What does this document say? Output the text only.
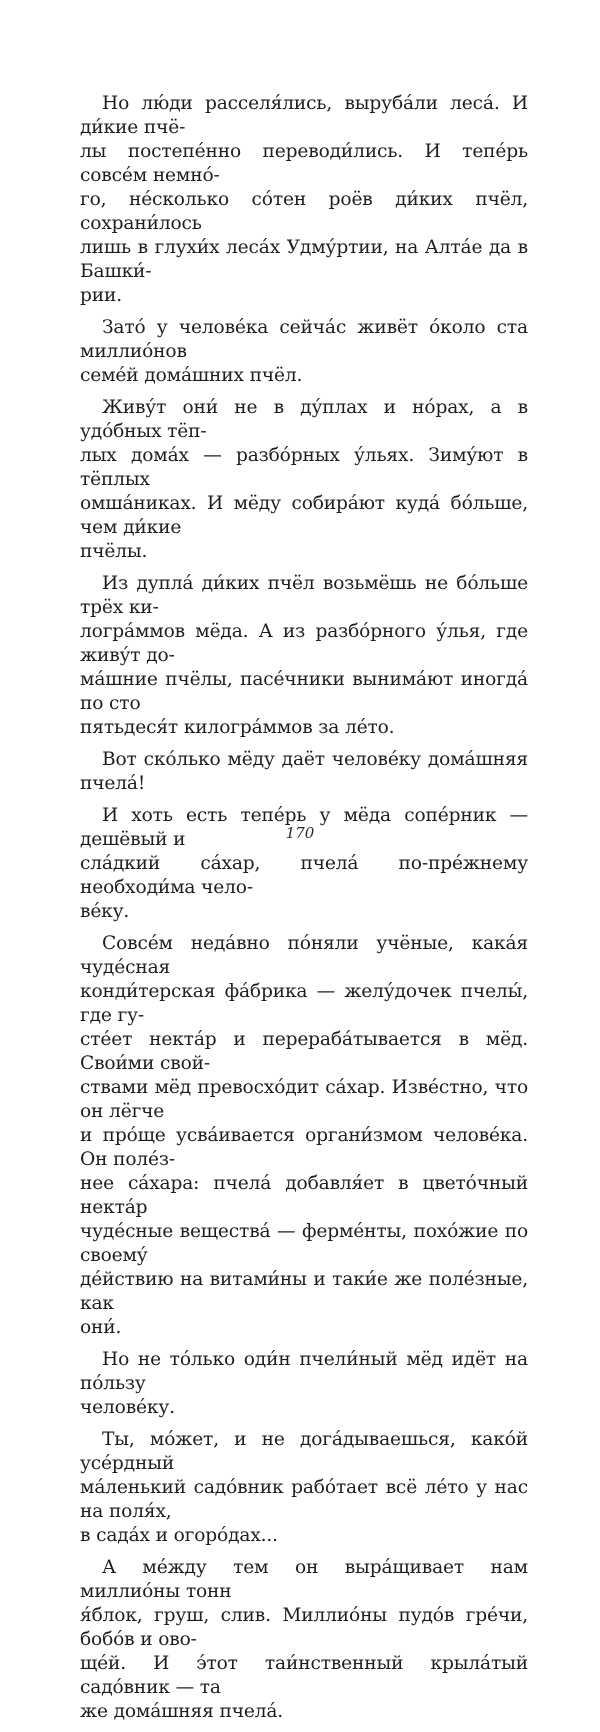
Но лю́ди расселя́лись, выруба́ли леса́. И ди́кие пчё-
лы постепе́нно переводи́лись. И тепе́рь совсе́м немно́-
го, не́сколько со́тен роёв ди́ких пчёл, сохрани́лось
лишь в глухи́х леса́х Удму́ртии, на Алта́е да в Башки́-
рии.

Зато́ у челове́ка сейча́с живёт о́коло ста миллио́нов
семе́й дома́шних пчёл.

Живу́т они́ не в ду́плах и но́рах, а в удо́бных тёп-
лых дома́х — разбо́рных у́льях. Зиму́ют в тёплых
омша́никах. И мёду собира́ют куда́ бо́льше, чем ди́кие
пчёлы.

Из дупла́ ди́ких пчёл возьмёшь не бо́льше трёх ки-
логра́ммов мёда. А из разбо́рного у́лья, где живу́т до-
ма́шние пчёлы, пасе́чники вынима́ют иногда́ по сто
пятьдеся́т килогра́ммов за ле́то.

Вот ско́лько мёду даёт челове́ку дома́шняя пчела́!

И хоть есть тепе́рь у мёда сопе́рник — дешёвый и
сла́дкий са́хар, пчела́ по-пре́жнему необходи́ма чело-
ве́ку.

Совсе́м неда́вно по́няли учёные, кака́я чуде́сная
конди́терская фа́брика — желу́дочек пчелы́, где гу-
сте́ет некта́р и перераба́тывается в мёд. Свои́ми свой-
ствами мёд превосхо́дит са́хар. Изве́стно, что он лёгче
и про́ще усва́ивается органи́змом челове́ка. Он поле́з-
нее са́хара: пчела́ добавля́ет в цвето́чный некта́р
чуде́сные вещества́ — ферме́нты, похо́жие по своему́
де́йствию на витами́ны и таки́е же поле́зные, как
они́.

Но не то́лько оди́н пчели́ный мёд идёт на по́льзу
челове́ку.

Ты, мо́жет, и не дога́дываешься, како́й усе́рдный
ма́ленький садо́вник рабо́тает всё ле́то у нас на поля́х,
в сада́х и огоро́дах...

А ме́жду тем он выра́щивает нам миллио́ны тонн
я́блок, груш, слив. Миллио́ны пудо́в гре́чи, бобо́в и ово-
ще́й. И э́тот таи́нственный крыла́тый садо́вник — та
же дома́шняя пчела́.

170
